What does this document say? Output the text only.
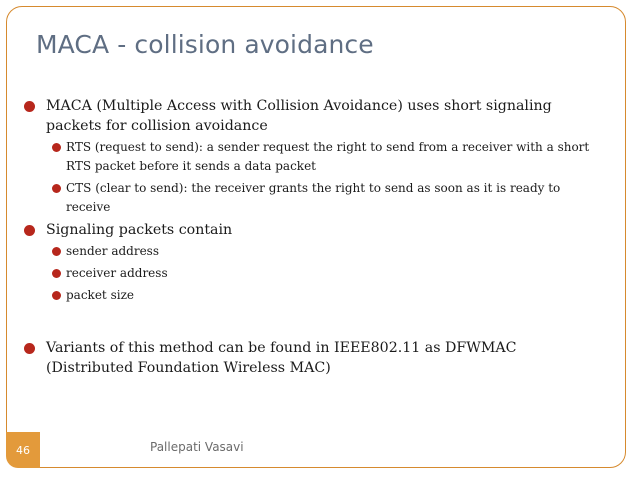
MACA - collision avoidance
MACA (Multiple Access with Collision Avoidance) uses short signaling packets for collision avoidance
RTS (request to send): a sender request the right to send from a receiver with a short RTS packet before it sends a data packet
CTS (clear to send): the receiver grants the right to send as soon as it is ready to receive
Signaling packets contain
sender address
receiver address
packet size
Variants of this method can be found in IEEE802.11 as DFWMAC (Distributed Foundation Wireless MAC)
46	Pallepati Vasavi
